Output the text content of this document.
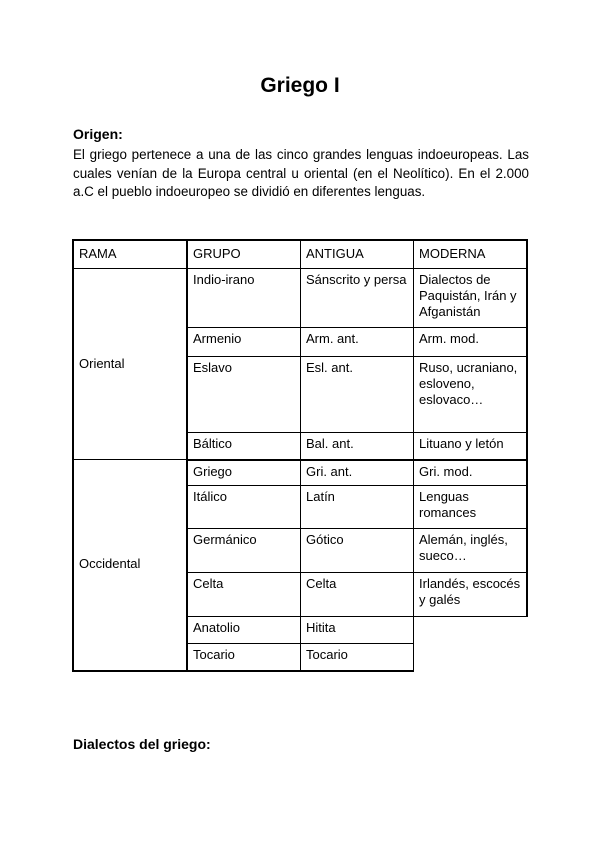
Griego I

Origen:

El griego pertenece a una de las cinco grandes lenguas indoeuropeas. Las cuales venían de la Europa central u oriental (en el Neolítico). En el 2.000 a.C el pueblo indoeuropeo se dividió en diferentes lenguas.

RAMA	GRUPO	ANTIGUA	MODERNA
Oriental	Indio-irano	Sánscrito y persa	Dialectos de Paquistán, Irán y Afganistán
	Armenio	Arm. ant.	Arm. mod.
	Eslavo	Esl. ant.	Ruso, ucraniano, esloveno, eslovaco…
	Báltico	Bal. ant.	Lituano y letón
Occidental	Griego	Gri. ant.	Gri. mod.
	Itálico	Latín	Lenguas romances
	Germánico	Gótico	Alemán, inglés, sueco…
	Celta	Celta	Irlandés, escocés y galés
	Anatolio	Hitita	
	Tocario	Tocario	

Dialectos del griego:
